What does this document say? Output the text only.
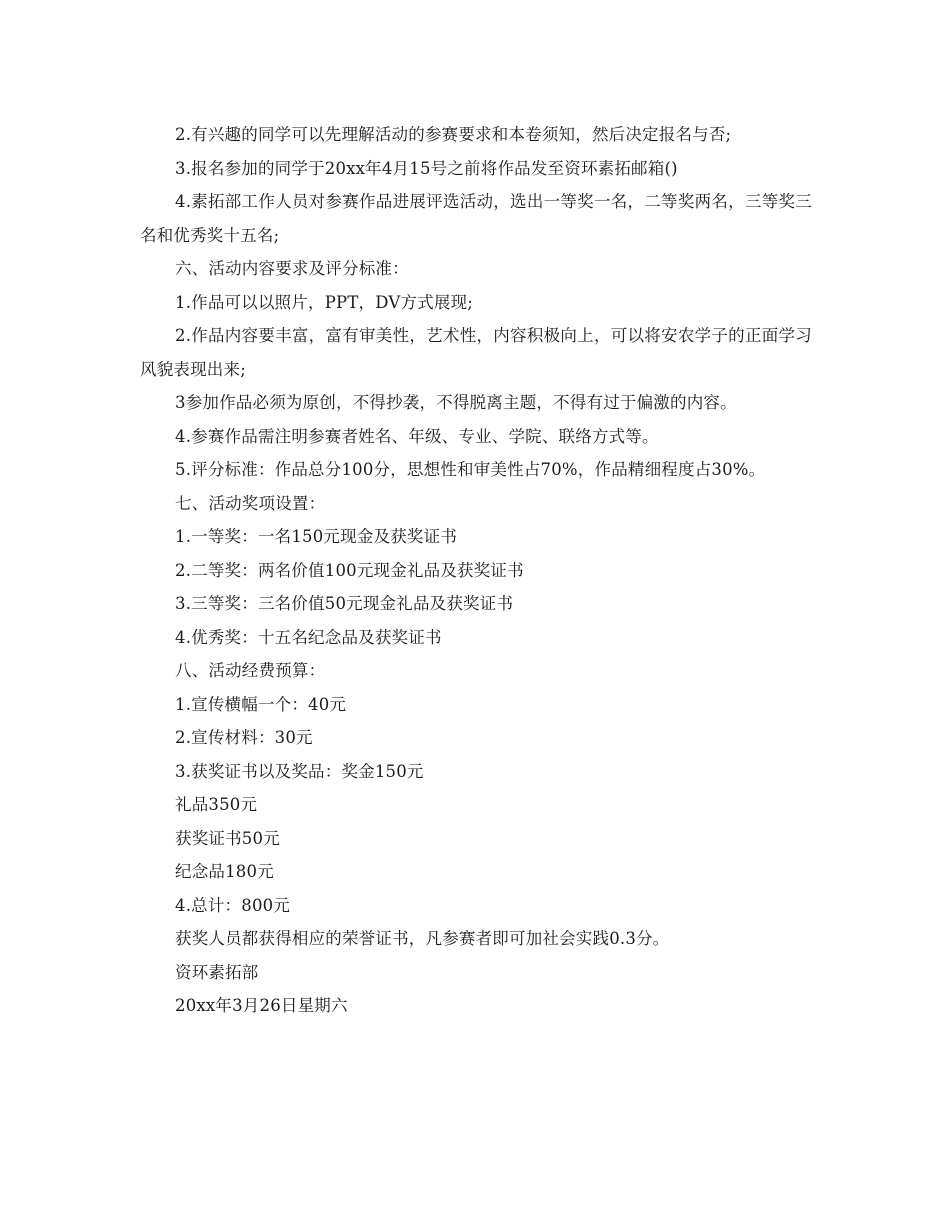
2.有兴趣的同学可以先理解活动的参赛要求和本卷须知，然后决定报名与否;
3.报名参加的同学于20xx年4月15号之前将作品发至资环素拓邮箱()
4.素拓部工作人员对参赛作品进展评选活动，选出一等奖一名，二等奖两名，三等奖三名和优秀奖十五名;
六、活动内容要求及评分标准：
1.作品可以以照片，PPT，DV方式展现;
2.作品内容要丰富，富有审美性，艺术性，内容积极向上，可以将安农学子的正面学习风貌表现出来;
3参加作品必须为原创，不得抄袭，不得脱离主题，不得有过于偏激的内容。
4.参赛作品需注明参赛者姓名、年级、专业、学院、联络方式等。
5.评分标准：作品总分100分，思想性和审美性占70%，作品精细程度占30%。
七、活动奖项设置：
1.一等奖：一名150元现金及获奖证书
2.二等奖：两名价值100元现金礼品及获奖证书
3.三等奖：三名价值50元现金礼品及获奖证书
4.优秀奖：十五名纪念品及获奖证书
八、活动经费预算：
1.宣传横幅一个：40元
2.宣传材料：30元
3.获奖证书以及奖品：奖金150元
礼品350元
获奖证书50元
纪念品180元
4.总计：800元
获奖人员都获得相应的荣誉证书，凡参赛者即可加社会实践0.3分。
资环素拓部
20xx年3月26日星期六
